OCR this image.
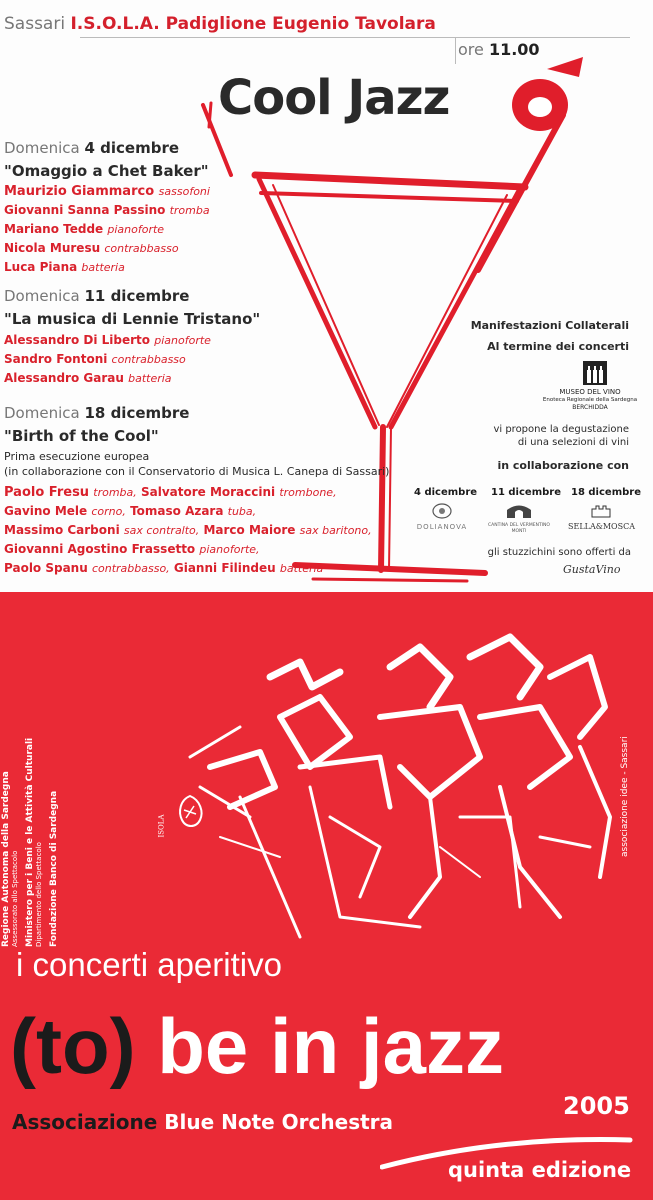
Sassari I.S.O.L.A. Padiglione Eugenio Tavolara
ore 11.00
Cool Jazz
Domenica 4 dicembre
"Omaggio a Chet Baker"
Maurizio Giammarco sassofoni
Giovanni Sanna Passino tromba
Mariano Tedde pianoforte
Nicola Muresu contrabbasso
Luca Piana batteria
Domenica 11 dicembre
"La musica di Lennie Tristano"
Alessandro Di Liberto pianoforte
Sandro Fontoni contrabbasso
Alessandro Garau batteria
Domenica 18 dicembre
"Birth of the Cool"
Prima esecuzione europea
(in collaborazione con il Conservatorio di Musica L. Canepa di Sassari)
Paolo Fresu tromba, Salvatore Moraccini trombone,
Gavino Mele corno, Tomaso Azara tuba,
Massimo Carboni sax contralto, Marco Maiore sax baritono,
Giovanni Agostino Frassetto pianoforte,
Paolo Spanu contrabbasso, Gianni Filindeu batteria
Manifestazioni Collaterali
Al termine dei concerti
MUSEO DEL VINO
Enoteca Regionale della Sardegna
BERCHIDDA
vi propone la degustazione
di una selezioni di vini
in collaborazione con
4 dicembre 11 dicembre 18 dicembre
DOLIANOVA	CANTINA DEL VERMENTINO MONTI
SELLA&MOSCA
gli stuzzichini sono offerti da
GustaVino
Regione Autonoma della Sardegna Assessorato allo Spettacolo Ministero per i Beni e le Attività Culturali Dipartimento dello Spettacolo Fondazione Banco di Sardegna	ISOLA	associazione idee - Sassari
i concerti aperitivo
(to) be in jazz
2005
Associazione Blue Note Orchestra
quinta edizione
